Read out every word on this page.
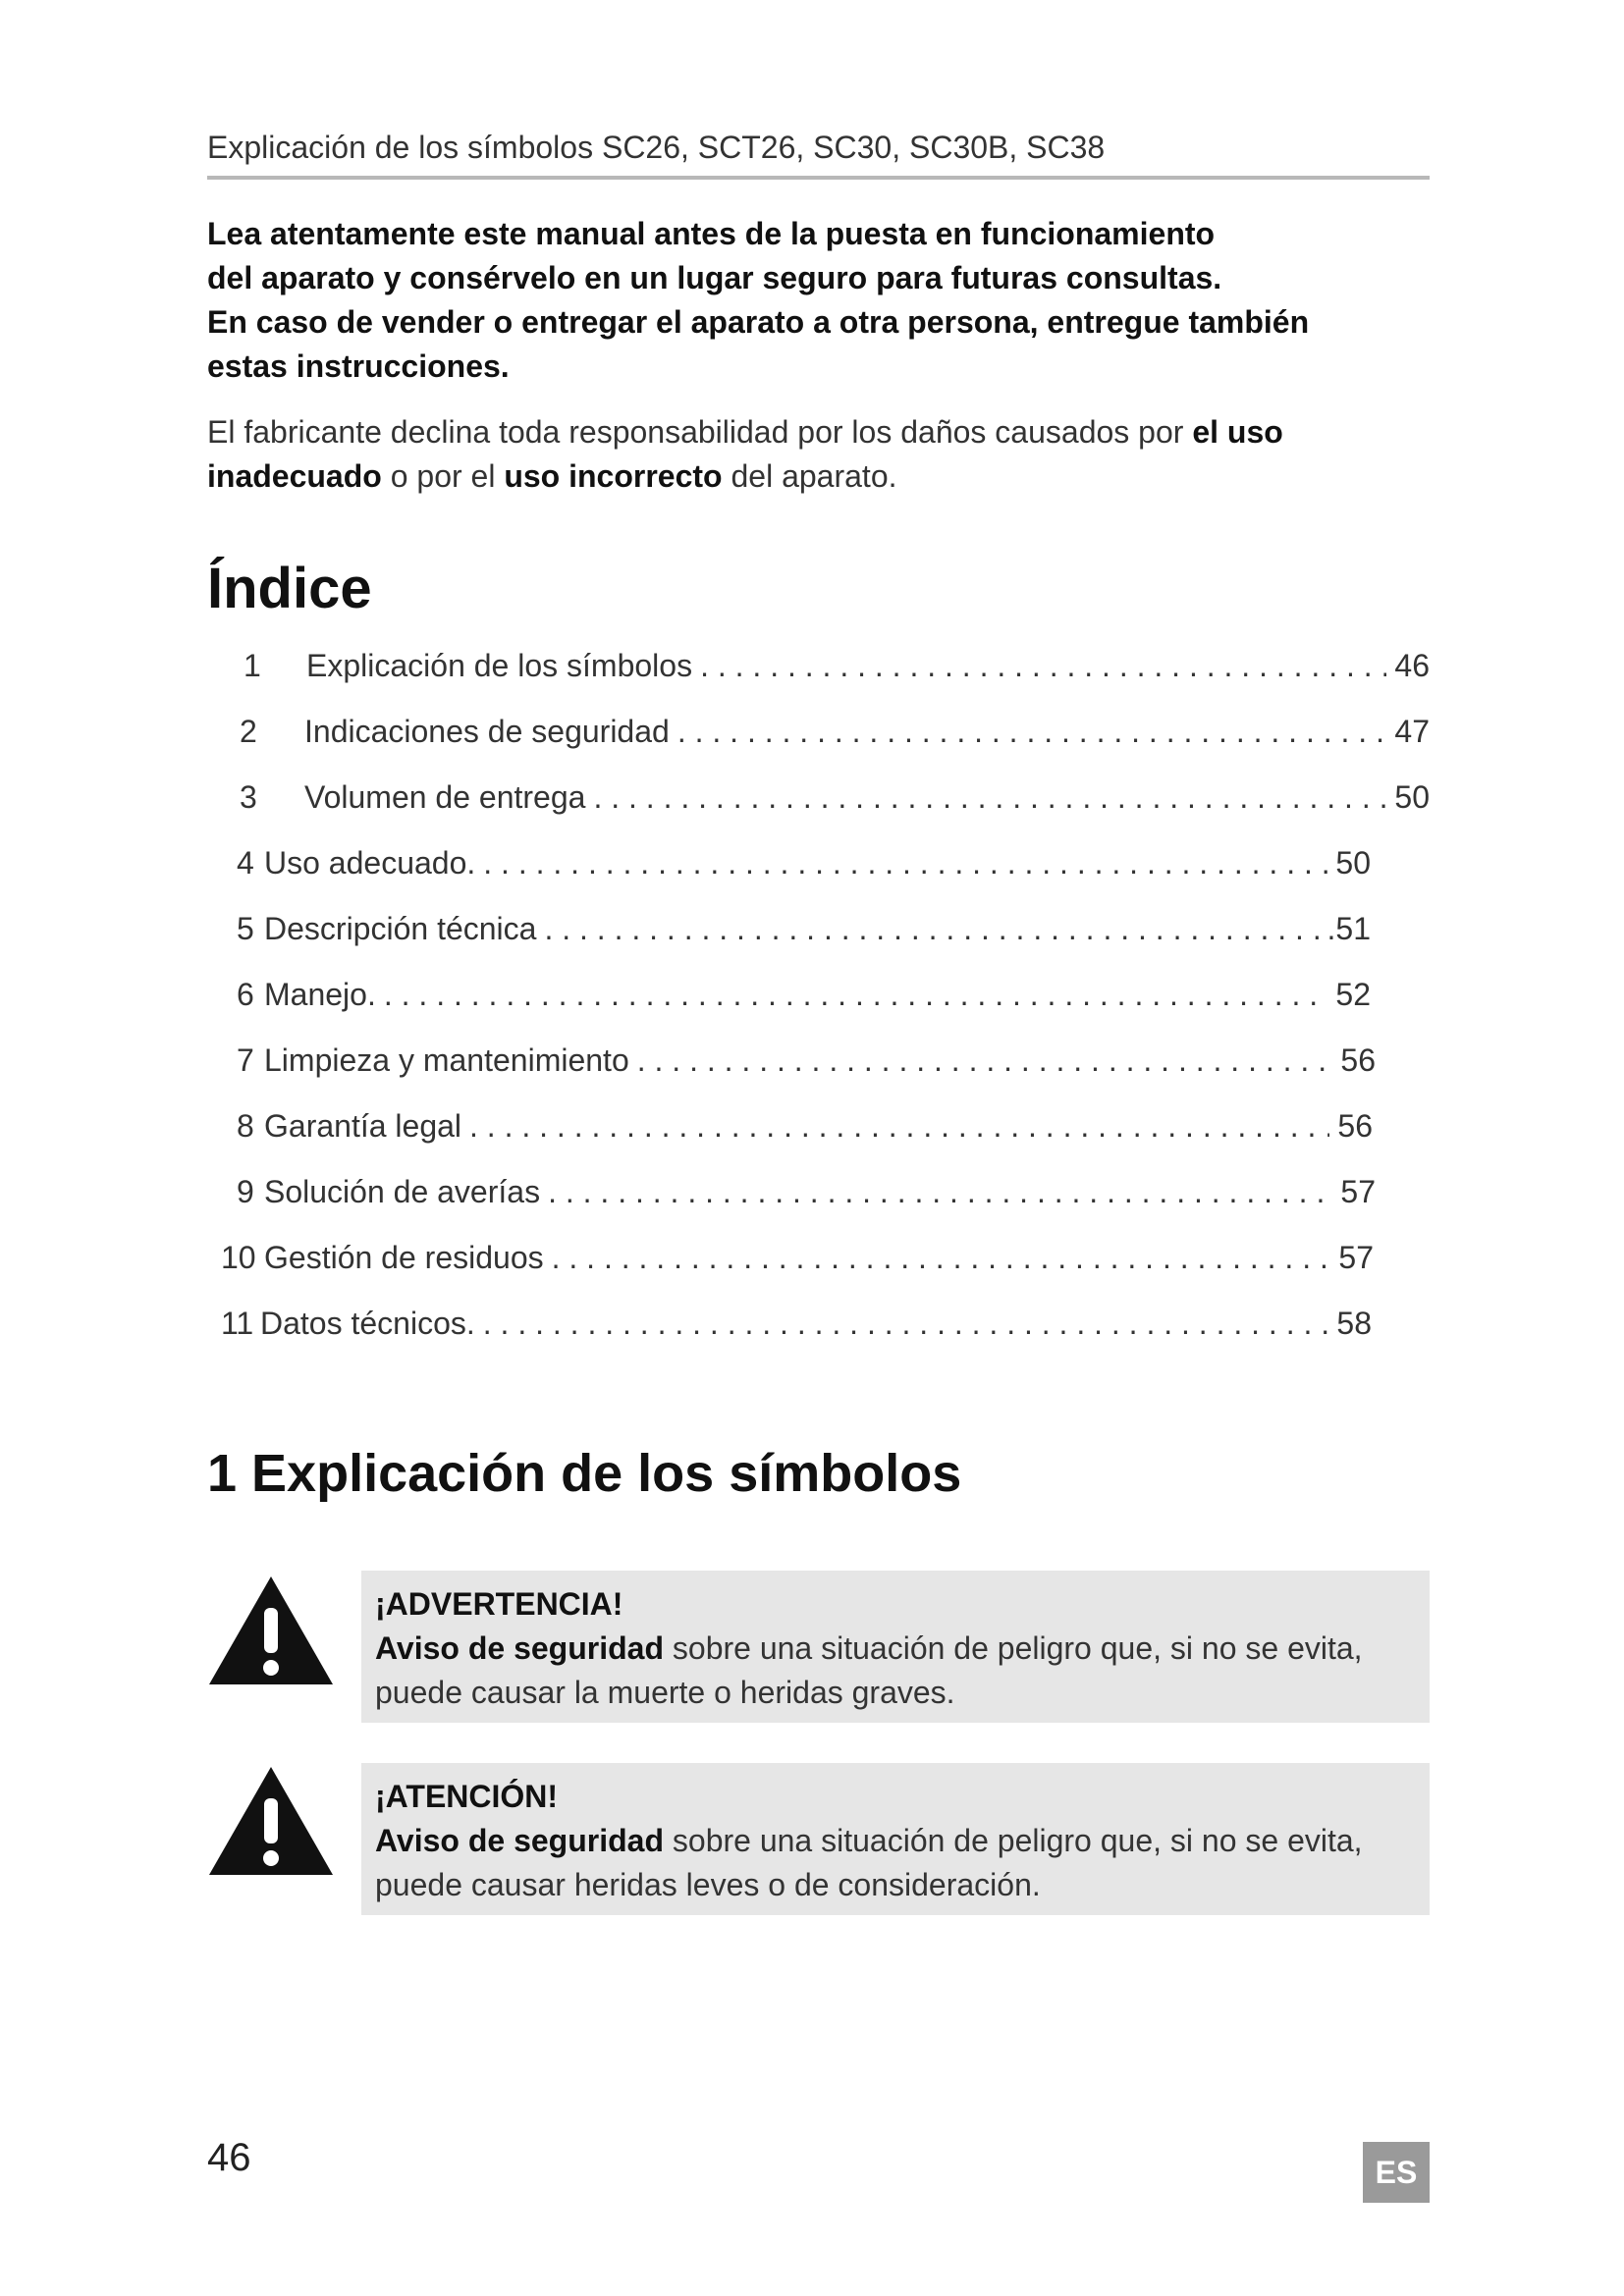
Explicación de los símbolos SC26, SCT26, SC30, SC30B, SC38

Lea atentamente este manual antes de la puesta en funcionamiento
del aparato y consérvelo en un lugar seguro para futuras consultas.
En caso de vender o entregar el aparato a otra persona, entregue también
estas instrucciones.

El fabricante declina toda responsabilidad por los daños causados por el uso inadecuado o por el uso incorrecto del aparato.

Índice
1	Explicación de los símbolos . . .	46
2	Indicaciones de seguridad . . .	47
3	Volumen de entrega . . .	50
4 Uso adecuado. . . .	50
5 Descripción técnica . . .	.51
6 Manejo. . . .	52
7 Limpieza y mantenimiento . . .	56
8 Garantía legal . . .	56
9 Solución de averías . . .	57
10 Gestión de residuos . . .	57
11 Datos técnicos. . . .	58
1 Explicación de los símbolos
¡ADVERTENCIA!
Aviso de seguridad sobre una situación de peligro que, si no se evita, puede causar la muerte o heridas graves.
¡ATENCIÓN!
Aviso de seguridad sobre una situación de peligro que, si no se evita, puede causar heridas leves o de consideración.
46	ES
